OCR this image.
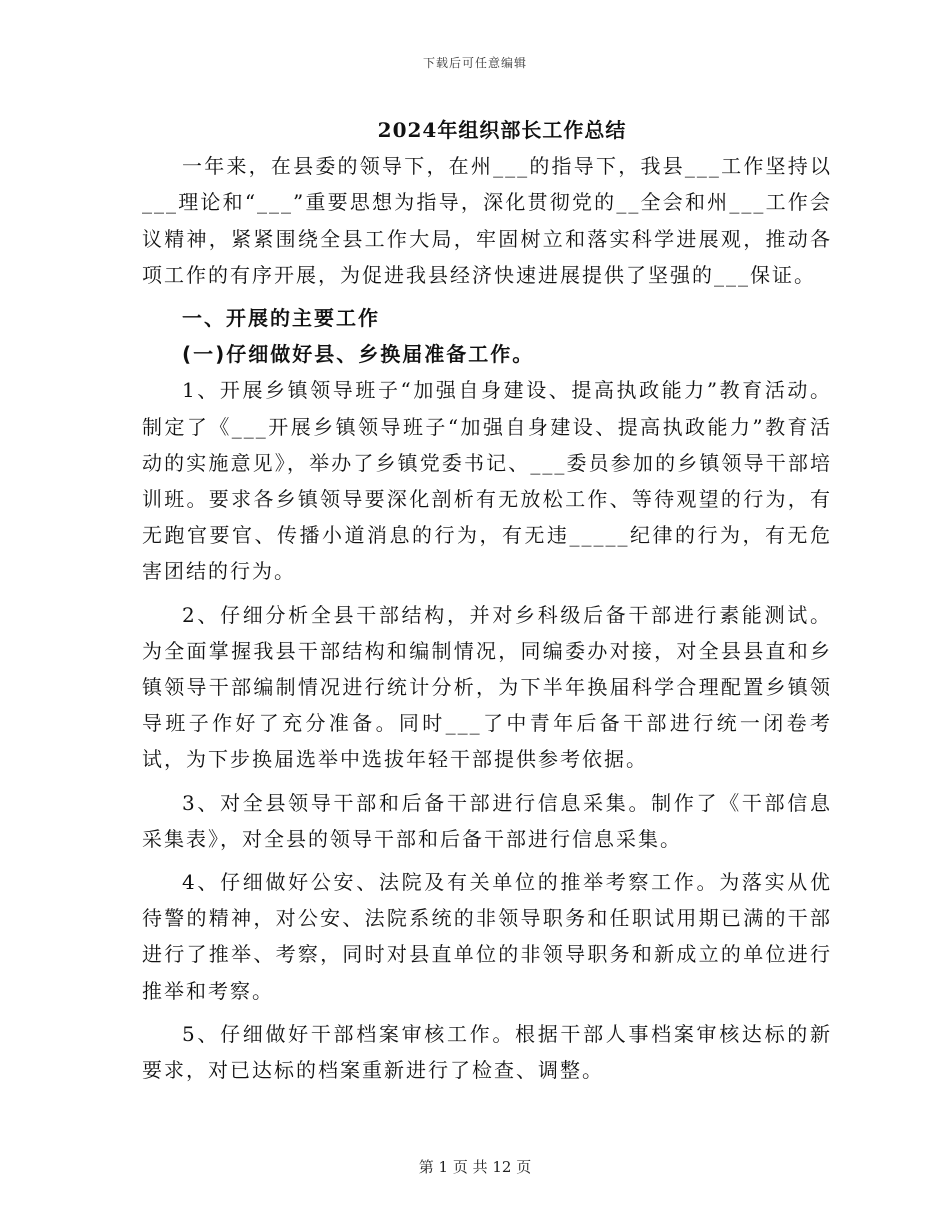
下载后可任意编辑
2024年组织部长工作总结

一年来，在县委的领导下，在州___的指导下，我县___工作坚持以___理论和“___”重要思想为指导，深化贯彻党的__全会和州___工作会议精神，紧紧围绕全县工作大局，牢固树立和落实科学进展观，推动各项工作的有序开展，为促进我县经济快速进展提供了坚强的___保证。

一、开展的主要工作

(一)仔细做好县、乡换届准备工作。

1、开展乡镇领导班子“加强自身建设、提高执政能力”教育活动。制定了《___开展乡镇领导班子“加强自身建设、提高执政能力”教育活动的实施意见》，举办了乡镇党委书记、___委员参加的乡镇领导干部培训班。要求各乡镇领导要深化剖析有无放松工作、等待观望的行为，有无跑官要官、传播小道消息的行为，有无违_____纪律的行为，有无危害团结的行为。

2、仔细分析全县干部结构，并对乡科级后备干部进行素能测试。为全面掌握我县干部结构和编制情况，同编委办对接，对全县县直和乡镇领导干部编制情况进行统计分析，为下半年换届科学合理配置乡镇领导班子作好了充分准备。同时___了中青年后备干部进行统一闭卷考试，为下步换届选举中选拔年轻干部提供参考依据。

3、对全县领导干部和后备干部进行信息采集。制作了《干部信息采集表》，对全县的领导干部和后备干部进行信息采集。

4、仔细做好公安、法院及有关单位的推举考察工作。为落实从优待警的精神，对公安、法院系统的非领导职务和任职试用期已满的干部进行了推举、考察，同时对县直单位的非领导职务和新成立的单位进行推举和考察。

5、仔细做好干部档案审核工作。根据干部人事档案审核达标的新要求，对已达标的档案重新进行了检查、调整。

第 1 页 共 12 页
